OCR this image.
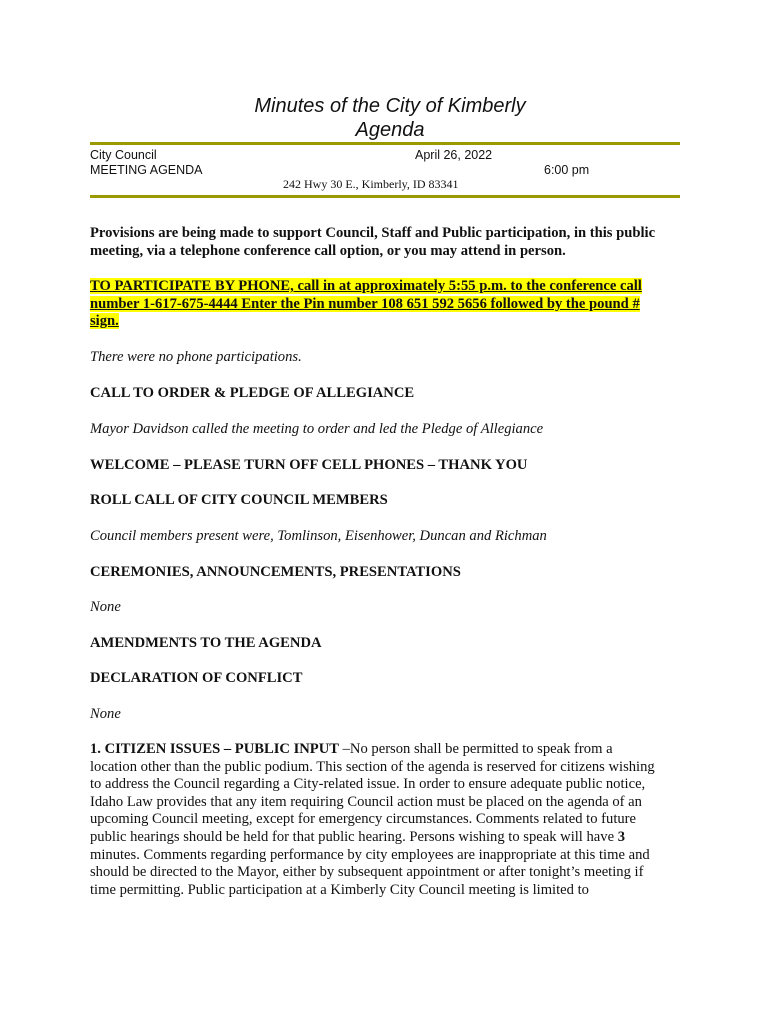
Minutes of the City of Kimberly
Agenda
City Council
MEETING AGENDA
April 26, 2022
6:00 pm
242 Hwy 30 E., Kimberly, ID 83341
Provisions are being made to support Council, Staff and Public participation, in this public
meeting, via a telephone conference call option, or you may attend in person.
TO PARTICIPATE BY PHONE, call in at approximately 5:55 p.m. to the conference call
number 1-617-675-4444 Enter the Pin number 108 651 592 5656 followed by the pound #
sign.
There were no phone participations.
CALL TO ORDER & PLEDGE OF ALLEGIANCE
Mayor Davidson called the meeting to order and led the Pledge of Allegiance
WELCOME – PLEASE TURN OFF CELL PHONES – THANK YOU
ROLL CALL OF CITY COUNCIL MEMBERS
Council members present were, Tomlinson, Eisenhower, Duncan and Richman
CEREMONIES, ANNOUNCEMENTS, PRESENTATIONS
None
AMENDMENTS TO THE AGENDA
DECLARATION OF CONFLICT
None
1. CITIZEN ISSUES – PUBLIC INPUT –No person shall be permitted to speak from a
location other than the public podium. This section of the agenda is reserved for citizens wishing
to address the Council regarding a City-related issue. In order to ensure adequate public notice,
Idaho Law provides that any item requiring Council action must be placed on the agenda of an
upcoming Council meeting, except for emergency circumstances. Comments related to future
public hearings should be held for that public hearing. Persons wishing to speak will have 3
minutes. Comments regarding performance by city employees are inappropriate at this time and
should be directed to the Mayor, either by subsequent appointment or after tonight’s meeting if
time permitting. Public participation at a Kimberly City Council meeting is limited to
